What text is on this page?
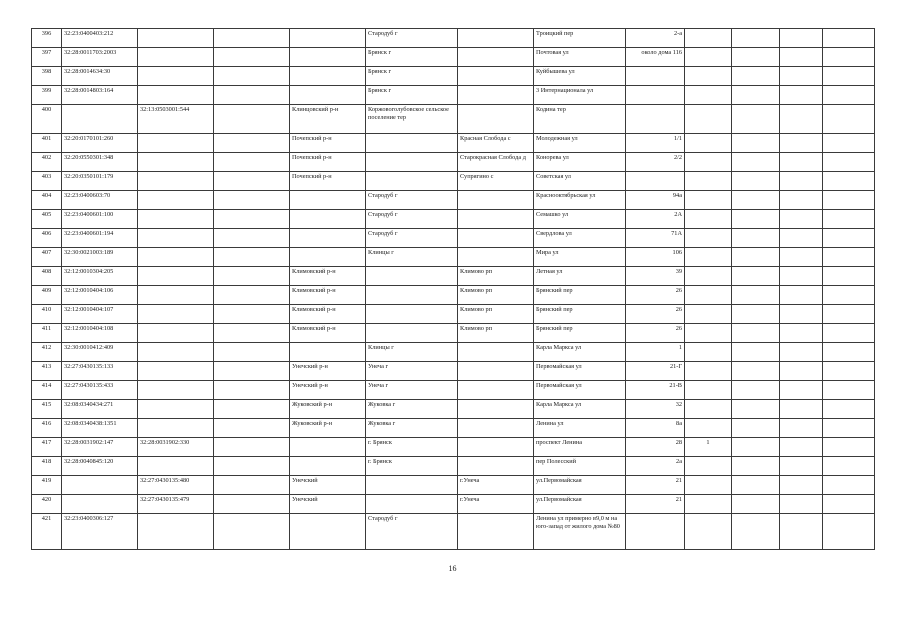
396	32:23:0400403:212				Стародуб г		Троицкий пер	2-а				
397	32:28:0011703:2003				Брянск г		Почтовая ул	около дома 116				
398	32:28:0014634:30				Брянск г		Куйбышева ул					
399	32:28:0014803:164				Брянск г		3 Интернационала ул					
400		32:13:0503001:544		Клинцовский р-н	Коржовоголубовское сельское поселение тер		Кодина тер					
401	32:20:0170101:260			Почепский р-н		Красная Слобода с	Молодежная ул	1/1				
402	32:20:0550301:348			Почепский р-н		Старокрасная Слобода д	Конорева ул	2/2				
403	32:20:0350101:179			Почепский р-н		Супрягино с	Советская ул					
404	32:23:0400603:70				Стародуб г		Краснооктябрьская ул	94а				
405	32:23:0400601:100				Стародуб г		Семашко ул	2А				
406	32:23:0400601:194				Стародуб г		Свердлова ул	71А				
407	32:30:0021003:189				Клинцы г		Мира ул	106				
408	32:12:0010304:205			Климовский р-н		Климово рп	Летная ул	39				
409	32:12:0010404:106			Климовский р-н		Климово рп	Брянский пер	26				
410	32:12:0010404:107			Климовский р-н		Климово рп	Брянский пер	26				
411	32:12:0010404:108			Климовский р-н		Климово рп	Брянский пер	26				
412	32:30:0010412:409				Клинцы г		Карла Маркса ул	1				
413	32:27:0430135:133			Унечский р-н	Унеча г		Первомайская ул	21-Г				
414	32:27:0430135:433			Унечский р-н	Унеча г		Первомайская ул	21-В				
415	32:08:0340434:271			Жуковский р-н	Жуковка г		Карла Маркса ул	32				
416	32:08:0340438:1351			Жуковский р-н	Жуковка г		Ленина ул	8а				
417	32:28:0031902:147	32:28:0031902:330			г. Брянск		проспект Ленина	28	1			
418	32:28:0040845:120				г. Брянск		пер Полесский	2а				
419		32:27:0430135:480		Унечский		г.Унеча	ул.Первомайская	21				
420		32:27:0430135:479		Унечский		г.Унеча	ул.Первомайская	21				
421	32:23:0400306:127				Стародуб г		Ленина ул примерно в9,0 м на юго-запад от жилого дома №80					
16
